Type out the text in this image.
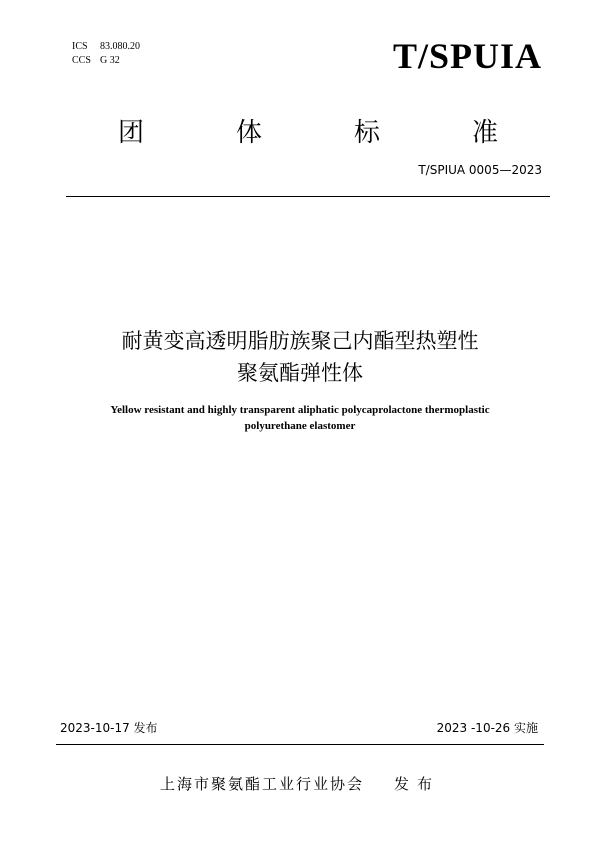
ICS 83.080.20
CCS G 32	T/SPUIA
团	体	标	准
T/SPIUA 0005—2023
耐黄变高透明脂肪族聚己内酯型热塑性
聚氨酯弹性体
Yellow resistant and highly transparent aliphatic polycaprolactone thermoplastic
polyurethane elastomer
2023-10-17 发布	2023 -10-26 实施
上海市聚氨酯工业行业协会 发布
